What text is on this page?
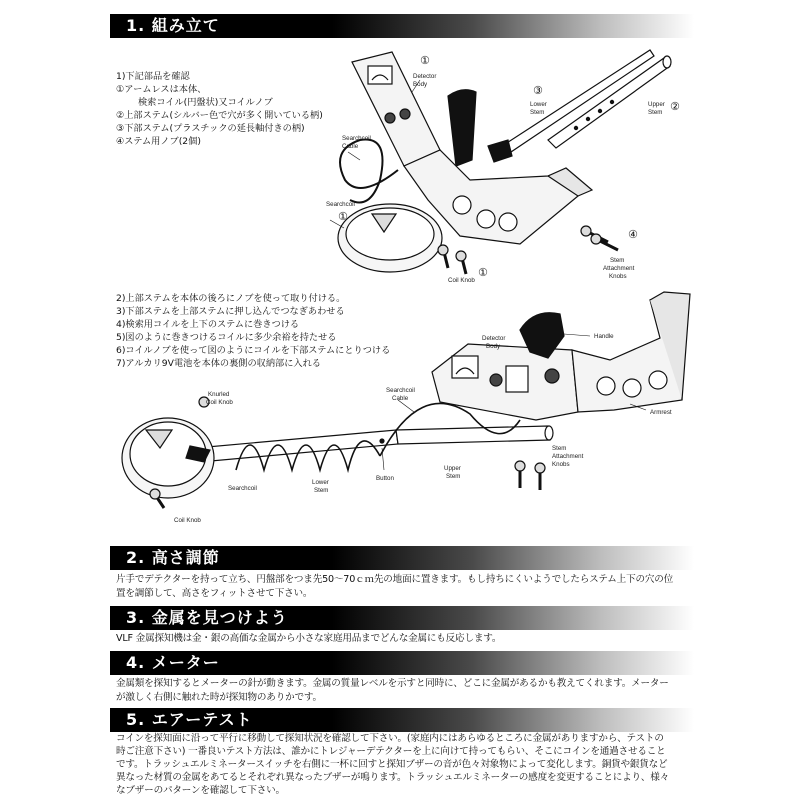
1. 組み立て
1)下記部品を確認
①アームレスは本体、
検索コイル(円盤状)又コイルノブ
②上部ステム(シルバー色で穴が多く開いている柄)
③下部ステム(プラスチックの延長軸付きの柄)
④ステム用ノブ(2個)
①
Detector
Body	③
Lower
Stem
Upper
Stem ②
Searchcoil
Cable
Searchcoil
①
Coil Knob
①
④
Stem
Attachment
Knobs
2)上部ステムを本体の後ろにノブを使って取り付ける。
3)下部ステムを上部ステムに押し込んでつなぎあわせる
4)検索用コイルを上下のステムに巻きつける
5)図のように巻きつけるコイルに多少余裕を持たせる
6)コイルノブを使って図のようにコイルを下部ステムにとりつける
7)アルカリ9V電池を本体の裏側の収納部に入れる
Detector
Body
Handle
Armrest
Knurled
Coil Knob
Searchcoil
Cable
Searchcoil
Lower
Stem
Button
Upper
Stem
Stem
Attachment
Knobs
Coil Knob
2. 高さ調節

片手でデテクターを持って立ち、円盤部をつま先50〜70ｃｍ先の地面に置きます。もし持ちにくいようでしたらステム上下の穴の位

置を調節して、高さをフィットさせて下さい。

3. 金属を見つけよう

VLF 金属探知機は金・銀の高価な金属から小さな家庭用品までどんな金属にも反応します。

4. メーター

金属類を探知するとメーターの針が動きます。金属の質量レベルを示すと同時に、どこに金属があるかも教えてくれます。メーター

が激しく右側に触れた時が探知物のありかです。

5. エアーテスト

コインを探知面に沿って平行に移動して探知状況を確認して下さい。(家庭内にはあらゆるところに金属がありますから、テストの

時ご注意下さい) 一番良いテスト方法は、誰かにトレジャーデテクターを上に向けて持ってもらい、そこにコインを通過させること

です。トラッシュエルミネータースイッチを右側に一杯に回すと探知ブザーの音が色々対象物によって変化します。銅貨や銀貨など

異なった材質の金属をあてるとそれぞれ異なったブザーが鳴ります。トラッシュエルミネーターの感度を変更することにより、様々

なブザーのパターンを確認して下さい。
